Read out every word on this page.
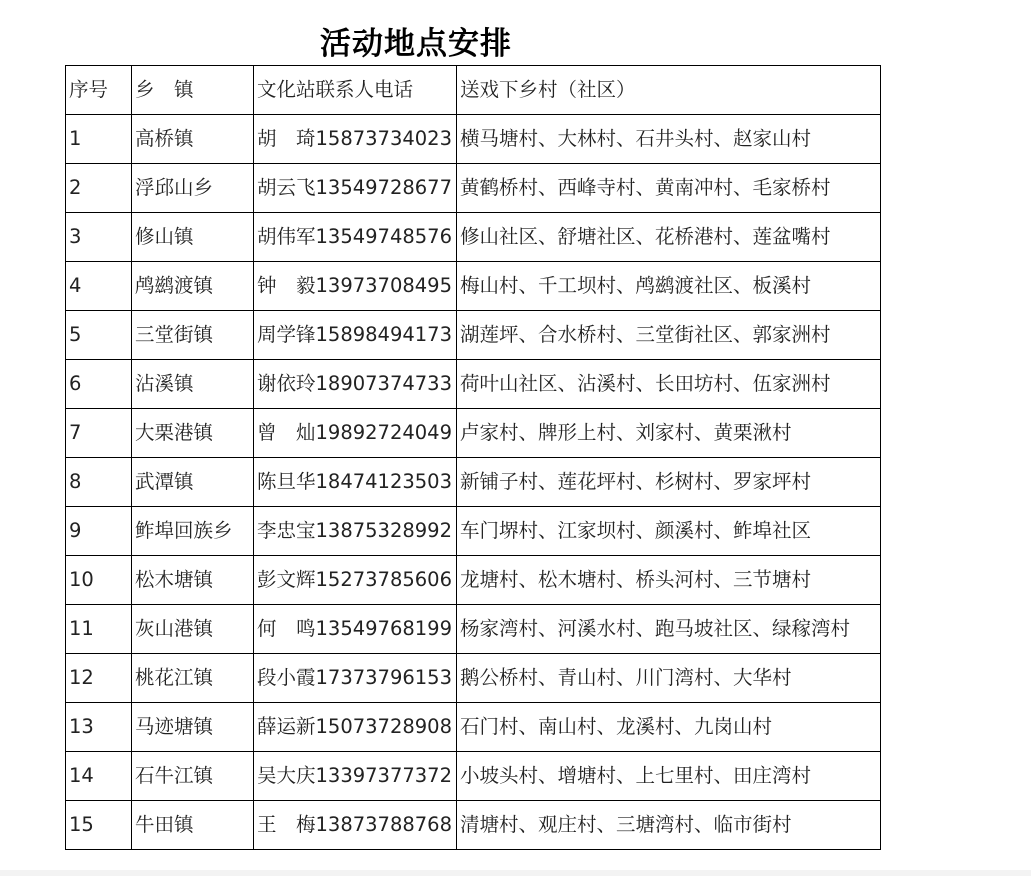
活动地点安排
序号	乡　镇	文化站联系人电话	送戏下乡村（社区）
1	高桥镇	胡　琦15873734023	横马塘村、大林村、石井头村、赵家山村
2	浮邱山乡	胡云飞13549728677	黄鹤桥村、西峰寺村、黄南冲村、毛家桥村
3	修山镇	胡伟军13549748576	修山社区、舒塘社区、花桥港村、莲盆嘴村
4	鸬鹚渡镇	钟　毅13973708495	梅山村、千工坝村、鸬鹚渡社区、板溪村
5	三堂街镇	周学锋15898494173	湖莲坪、合水桥村、三堂街社区、郭家洲村
6	沾溪镇	谢依玲18907374733	荷叶山社区、沾溪村、长田坊村、伍家洲村
7	大栗港镇	曾　灿19892724049	卢家村、牌形上村、刘家村、黄栗湫村
8	武潭镇	陈旦华18474123503	新铺子村、莲花坪村、杉树村、罗家坪村
9	鲊埠回族乡	李忠宝13875328992	车门堺村、江家坝村、颜溪村、鲊埠社区
10	松木塘镇	彭文辉15273785606	龙塘村、松木塘村、桥头河村、三节塘村
11	灰山港镇	何　鸣13549768199	杨家湾村、河溪水村、跑马坡社区、绿稼湾村
12	桃花江镇	段小霞17373796153	鹅公桥村、青山村、川门湾村、大华村
13	马迹塘镇	薛运新15073728908	石门村、南山村、龙溪村、九岗山村
14	石牛江镇	吴大庆13397377372	小坡头村、增塘村、上七里村、田庄湾村
15	牛田镇	王　梅13873788768	清塘村、观庄村、三塘湾村、临市街村
